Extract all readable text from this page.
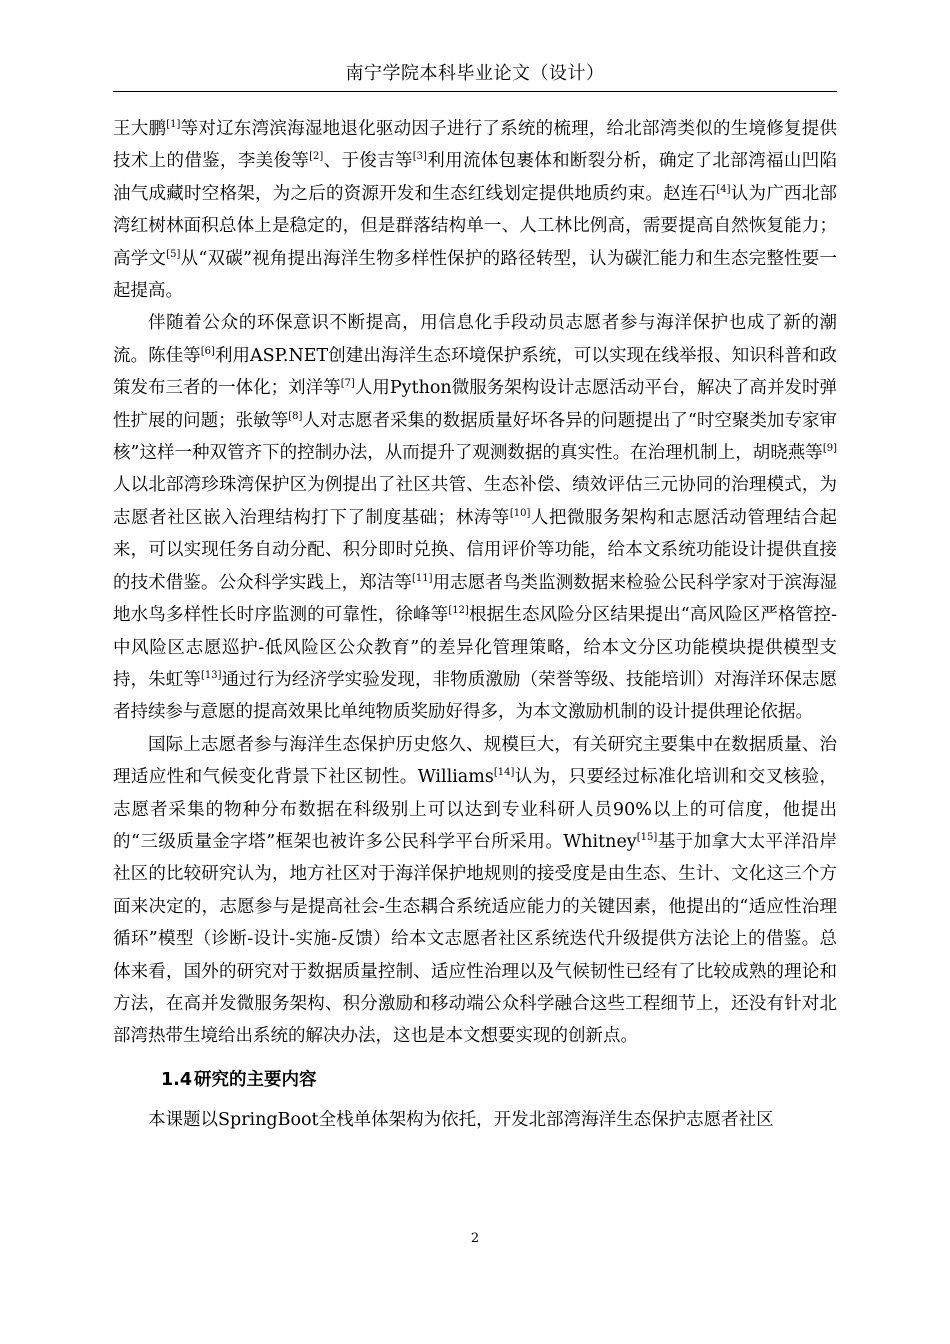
南宁学院本科毕业论文（设计）

王大鹏[1]等对辽东湾滨海湿地退化驱动因子进行了系统的梳理，给北部湾类似的生境修复提供技术上的借鉴，李美俊等[2]、于俊吉等[3]利用流体包裹体和断裂分析，确定了北部湾福山凹陷油气成藏时空格架，为之后的资源开发和生态红线划定提供地质约束。赵连石[4]认为广西北部湾红树林面积总体上是稳定的，但是群落结构单一、人工林比例高，需要提高自然恢复能力；高学文[5]从“双碳”视角提出海洋生物多样性保护的路径转型，认为碳汇能力和生态完整性要一起提高。

伴随着公众的环保意识不断提高，用信息化手段动员志愿者参与海洋保护也成了新的潮流。陈佳等[6]利用ASP.NET创建出海洋生态环境保护系统，可以实现在线举报、知识科普和政策发布三者的一体化；刘洋等[7]人用Python微服务架构设计志愿活动平台，解决了高并发时弹性扩展的问题；张敏等[8]人对志愿者采集的数据质量好坏各异的问题提出了“时空聚类加专家审核”这样一种双管齐下的控制办法，从而提升了观测数据的真实性。在治理机制上，胡晓燕等[9]人以北部湾珍珠湾保护区为例提出了社区共管、生态补偿、绩效评估三元协同的治理模式，为志愿者社区嵌入治理结构打下了制度基础；林涛等[10]人把微服务架构和志愿活动管理结合起来，可以实现任务自动分配、积分即时兑换、信用评价等功能，给本文系统功能设计提供直接的技术借鉴。公众科学实践上，郑洁等[11]用志愿者鸟类监测数据来检验公民科学家对于滨海湿地水鸟多样性长时序监测的可靠性，徐峰等[12]根据生态风险分区结果提出“高风险区严格管控-中风险区志愿巡护-低风险区公众教育”的差异化管理策略，给本文分区功能模块提供模型支持，朱虹等[13]通过行为经济学实验发现，非物质激励（荣誉等级、技能培训）对海洋环保志愿者持续参与意愿的提高效果比单纯物质奖励好得多，为本文激励机制的设计提供理论依据。

国际上志愿者参与海洋生态保护历史悠久、规模巨大，有关研究主要集中在数据质量、治理适应性和气候变化背景下社区韧性。Williams[14]认为，只要经过标准化培训和交叉核验，志愿者采集的物种分布数据在科级别上可以达到专业科研人员90%以上的可信度，他提出的“三级质量金字塔”框架也被许多公民科学平台所采用。Whitney[15]基于加拿大太平洋沿岸社区的比较研究认为，地方社区对于海洋保护地规则的接受度是由生态、生计、文化这三个方面来决定的，志愿参与是提高社会-生态耦合系统适应能力的关键因素，他提出的“适应性治理循环”模型（诊断-设计-实施-反馈）给本文志愿者社区系统迭代升级提供方法论上的借鉴。总体来看，国外的研究对于数据质量控制、适应性治理以及气候韧性已经有了比较成熟的理论和方法，在高并发微服务架构、积分激励和移动端公众科学融合这些工程细节上，还没有针对北部湾热带生境给出系统的解决办法，这也是本文想要实现的创新点。

1.4 研究的主要内容

本课题以SpringBoot全栈单体架构为依托，开发北部湾海洋生态保护志愿者社区

2
